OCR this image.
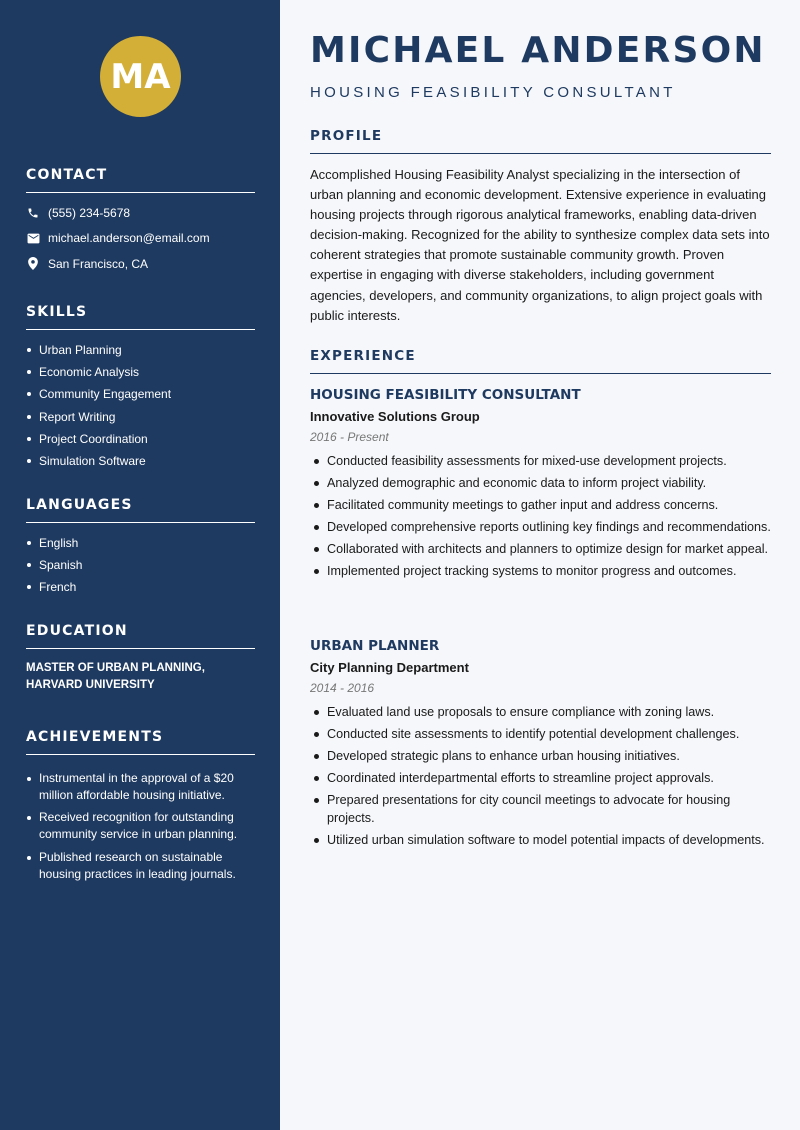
MA
CONTACT
(555) 234-5678
michael.anderson@email.com
San Francisco, CA
SKILLS
Urban Planning
Economic Analysis
Community Engagement
Report Writing
Project Coordination
Simulation Software
LANGUAGES
English
Spanish
French
EDUCATION
MASTER OF URBAN PLANNING,
HARVARD UNIVERSITY
ACHIEVEMENTS
Instrumental in the approval of a $20 million affordable housing initiative.
Received recognition for outstanding community service in urban planning.
Published research on sustainable housing practices in leading journals.
MICHAEL ANDERSON
HOUSING FEASIBILITY CONSULTANT
PROFILE

Accomplished Housing Feasibility Analyst specializing in the intersection of urban planning and economic development. Extensive experience in evaluating housing projects through rigorous analytical frameworks, enabling data-driven decision-making. Recognized for the ability to synthesize complex data sets into coherent strategies that promote sustainable community growth. Proven expertise in engaging with diverse stakeholders, including government agencies, developers, and community organizations, to align project goals with public interests.

EXPERIENCE
HOUSING FEASIBILITY CONSULTANT
Innovative Solutions Group
2016 - Present
Conducted feasibility assessments for mixed-use development projects.
Analyzed demographic and economic data to inform project viability.
Facilitated community meetings to gather input and address concerns.
Developed comprehensive reports outlining key findings and recommendations.
Collaborated with architects and planners to optimize design for market appeal.
Implemented project tracking systems to monitor progress and outcomes.
URBAN PLANNER
City Planning Department
2014 - 2016
Evaluated land use proposals to ensure compliance with zoning laws.
Conducted site assessments to identify potential development challenges.
Developed strategic plans to enhance urban housing initiatives.
Coordinated interdepartmental efforts to streamline project approvals.
Prepared presentations for city council meetings to advocate for housing projects.
Utilized urban simulation software to model potential impacts of developments.
